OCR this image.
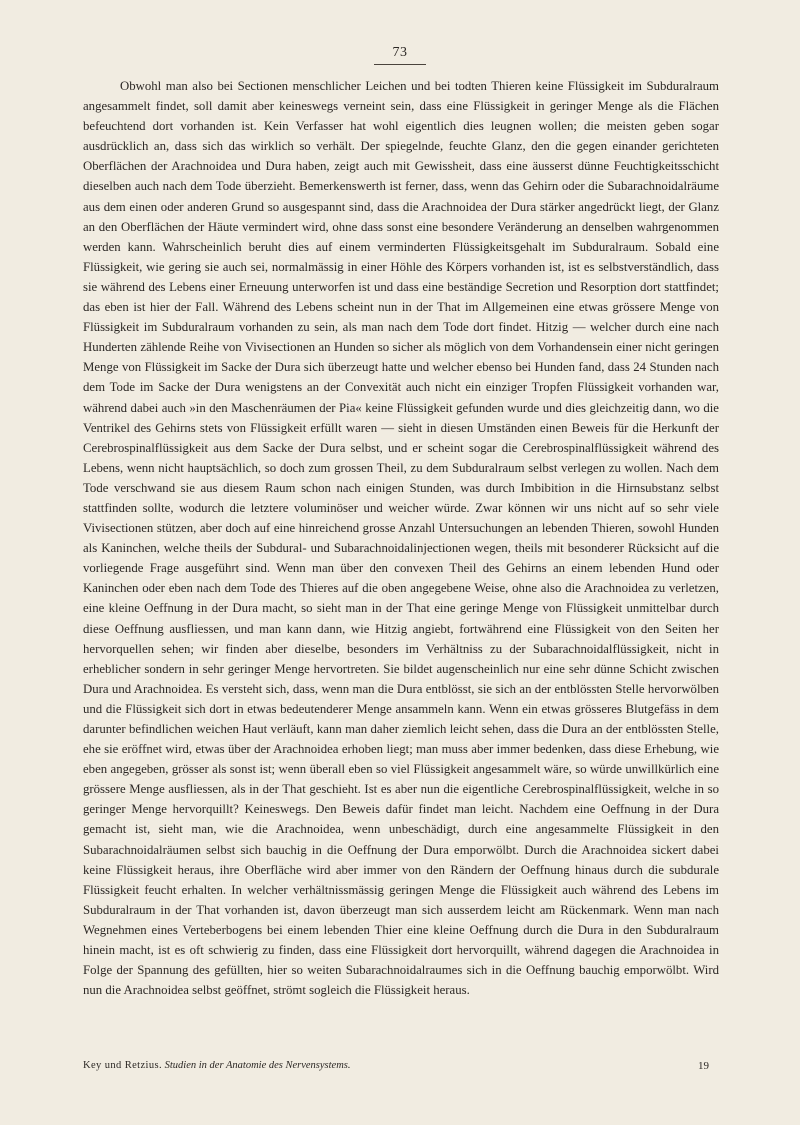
73

Obwohl man also bei Sectionen menschlicher Leichen und bei todten Thieren keine Flüssigkeit im Subduralraum angesammelt findet, soll damit aber keineswegs verneint sein, dass eine Flüssigkeit in geringer Menge als die Flächen befeuchtend dort vorhanden ist. Kein Verfasser hat wohl eigentlich dies leugnen wollen; die meisten geben sogar ausdrücklich an, dass sich das wirklich so verhält. Der spiegelnde, feuchte Glanz, den die gegen einander gerichteten Oberflächen der Arachnoidea und Dura haben, zeigt auch mit Gewissheit, dass eine äusserst dünne Feuchtigkeitsschicht dieselben auch nach dem Tode überzieht. Bemerkenswerth ist ferner, dass, wenn das Gehirn oder die Subarachnoidalräume aus dem einen oder anderen Grund so ausgespannt sind, dass die Arachnoidea der Dura stärker angedrückt liegt, der Glanz an den Oberflächen der Häute vermindert wird, ohne dass sonst eine besondere Veränderung an denselben wahrgenommen werden kann. Wahrscheinlich beruht dies auf einem verminderten Flüssigkeitsgehalt im Subduralraum. Sobald eine Flüssigkeit, wie gering sie auch sei, normalmässig in einer Höhle des Körpers vorhanden ist, ist es selbstverständlich, dass sie während des Lebens einer Erneuung unterworfen ist und dass eine beständige Secretion und Resorption dort stattfindet; das eben ist hier der Fall. Während des Lebens scheint nun in der That im Allgemeinen eine etwas grössere Menge von Flüssigkeit im Subduralraum vorhanden zu sein, als man nach dem Tode dort findet. Hitzig — welcher durch eine nach Hunderten zählende Reihe von Vivisectionen an Hunden so sicher als möglich von dem Vorhandensein einer nicht geringen Menge von Flüssigkeit im Sacke der Dura sich überzeugt hatte und welcher ebenso bei Hunden fand, dass 24 Stunden nach dem Tode im Sacke der Dura wenigstens an der Convexität auch nicht ein einziger Tropfen Flüssigkeit vorhanden war, während dabei auch »in den Maschenräumen der Pia« keine Flüssigkeit gefunden wurde und dies gleichzeitig dann, wo die Ventrikel des Gehirns stets von Flüssigkeit erfüllt waren — sieht in diesen Umständen einen Beweis für die Herkunft der Cerebrospinalflüssigkeit aus dem Sacke der Dura selbst, und er scheint sogar die Cerebrospinalflüssigkeit während des Lebens, wenn nicht hauptsächlich, so doch zum grossen Theil, zu dem Subduralraum selbst verlegen zu wollen. Nach dem Tode verschwand sie aus diesem Raum schon nach einigen Stunden, was durch Imbibition in die Hirnsubstanz selbst stattfinden sollte, wodurch die letztere voluminöser und weicher würde. Zwar können wir uns nicht auf so sehr viele Vivisectionen stützen, aber doch auf eine hinreichend grosse Anzahl Untersuchungen an lebenden Thieren, sowohl Hunden als Kaninchen, welche theils der Subdural- und Subarachnoidalinjectionen wegen, theils mit besonderer Rücksicht auf die vorliegende Frage ausgeführt sind. Wenn man über den convexen Theil des Gehirns an einem lebenden Hund oder Kaninchen oder eben nach dem Tode des Thieres auf die oben angegebene Weise, ohne also die Arachnoidea zu verletzen, eine kleine Oeffnung in der Dura macht, so sieht man in der That eine geringe Menge von Flüssigkeit unmittelbar durch diese Oeffnung ausfliessen, und man kann dann, wie Hitzig angiebt, fortwährend eine Flüssigkeit von den Seiten her hervorquellen sehen; wir finden aber dieselbe, besonders im Verhältniss zu der Subarachnoidalflüssigkeit, nicht in erheblicher sondern in sehr geringer Menge hervortreten. Sie bildet augenscheinlich nur eine sehr dünne Schicht zwischen Dura und Arachnoidea. Es versteht sich, dass, wenn man die Dura entblösst, sie sich an der entblössten Stelle hervorwölben und die Flüssigkeit sich dort in etwas bedeutenderer Menge ansammeln kann. Wenn ein etwas grösseres Blutgefäss in dem darunter befindlichen weichen Haut verläuft, kann man daher ziemlich leicht sehen, dass die Dura an der entblössten Stelle, ehe sie eröffnet wird, etwas über der Arachnoidea erhoben liegt; man muss aber immer bedenken, dass diese Erhebung, wie eben angegeben, grösser als sonst ist; wenn überall eben so viel Flüssigkeit angesammelt wäre, so würde unwillkürlich eine grössere Menge ausfliessen, als in der That geschieht. Ist es aber nun die eigentliche Cerebrospinalflüssigkeit, welche in so geringer Menge hervorquillt? Keineswegs. Den Beweis dafür findet man leicht. Nachdem eine Oeffnung in der Dura gemacht ist, sieht man, wie die Arachnoidea, wenn unbeschädigt, durch eine angesammelte Flüssigkeit in den Subarachnoidalräumen selbst sich bauchig in die Oeffnung der Dura emporwölbt. Durch die Arachnoidea sickert dabei keine Flüssigkeit heraus, ihre Oberfläche wird aber immer von den Rändern der Oeffnung hinaus durch die subdurale Flüssigkeit feucht erhalten. In welcher verhältnissmässig geringen Menge die Flüssigkeit auch während des Lebens im Subduralraum in der That vorhanden ist, davon überzeugt man sich ausserdem leicht am Rückenmark. Wenn man nach Wegnehmen eines Verteberbogens bei einem lebenden Thier eine kleine Oeffnung durch die Dura in den Subduralraum hinein macht, ist es oft schwierig zu finden, dass eine Flüssigkeit dort hervorquillt, während dagegen die Arachnoidea in Folge der Spannung des gefüllten, hier so weiten Subarachnoidalraumes sich in die Oeffnung bauchig emporwölbt. Wird nun die Arachnoidea selbst geöffnet, strömt sogleich die Flüssigkeit heraus.

Key und Retzius. Studien in der Anatomie des Nervensystems.	19
